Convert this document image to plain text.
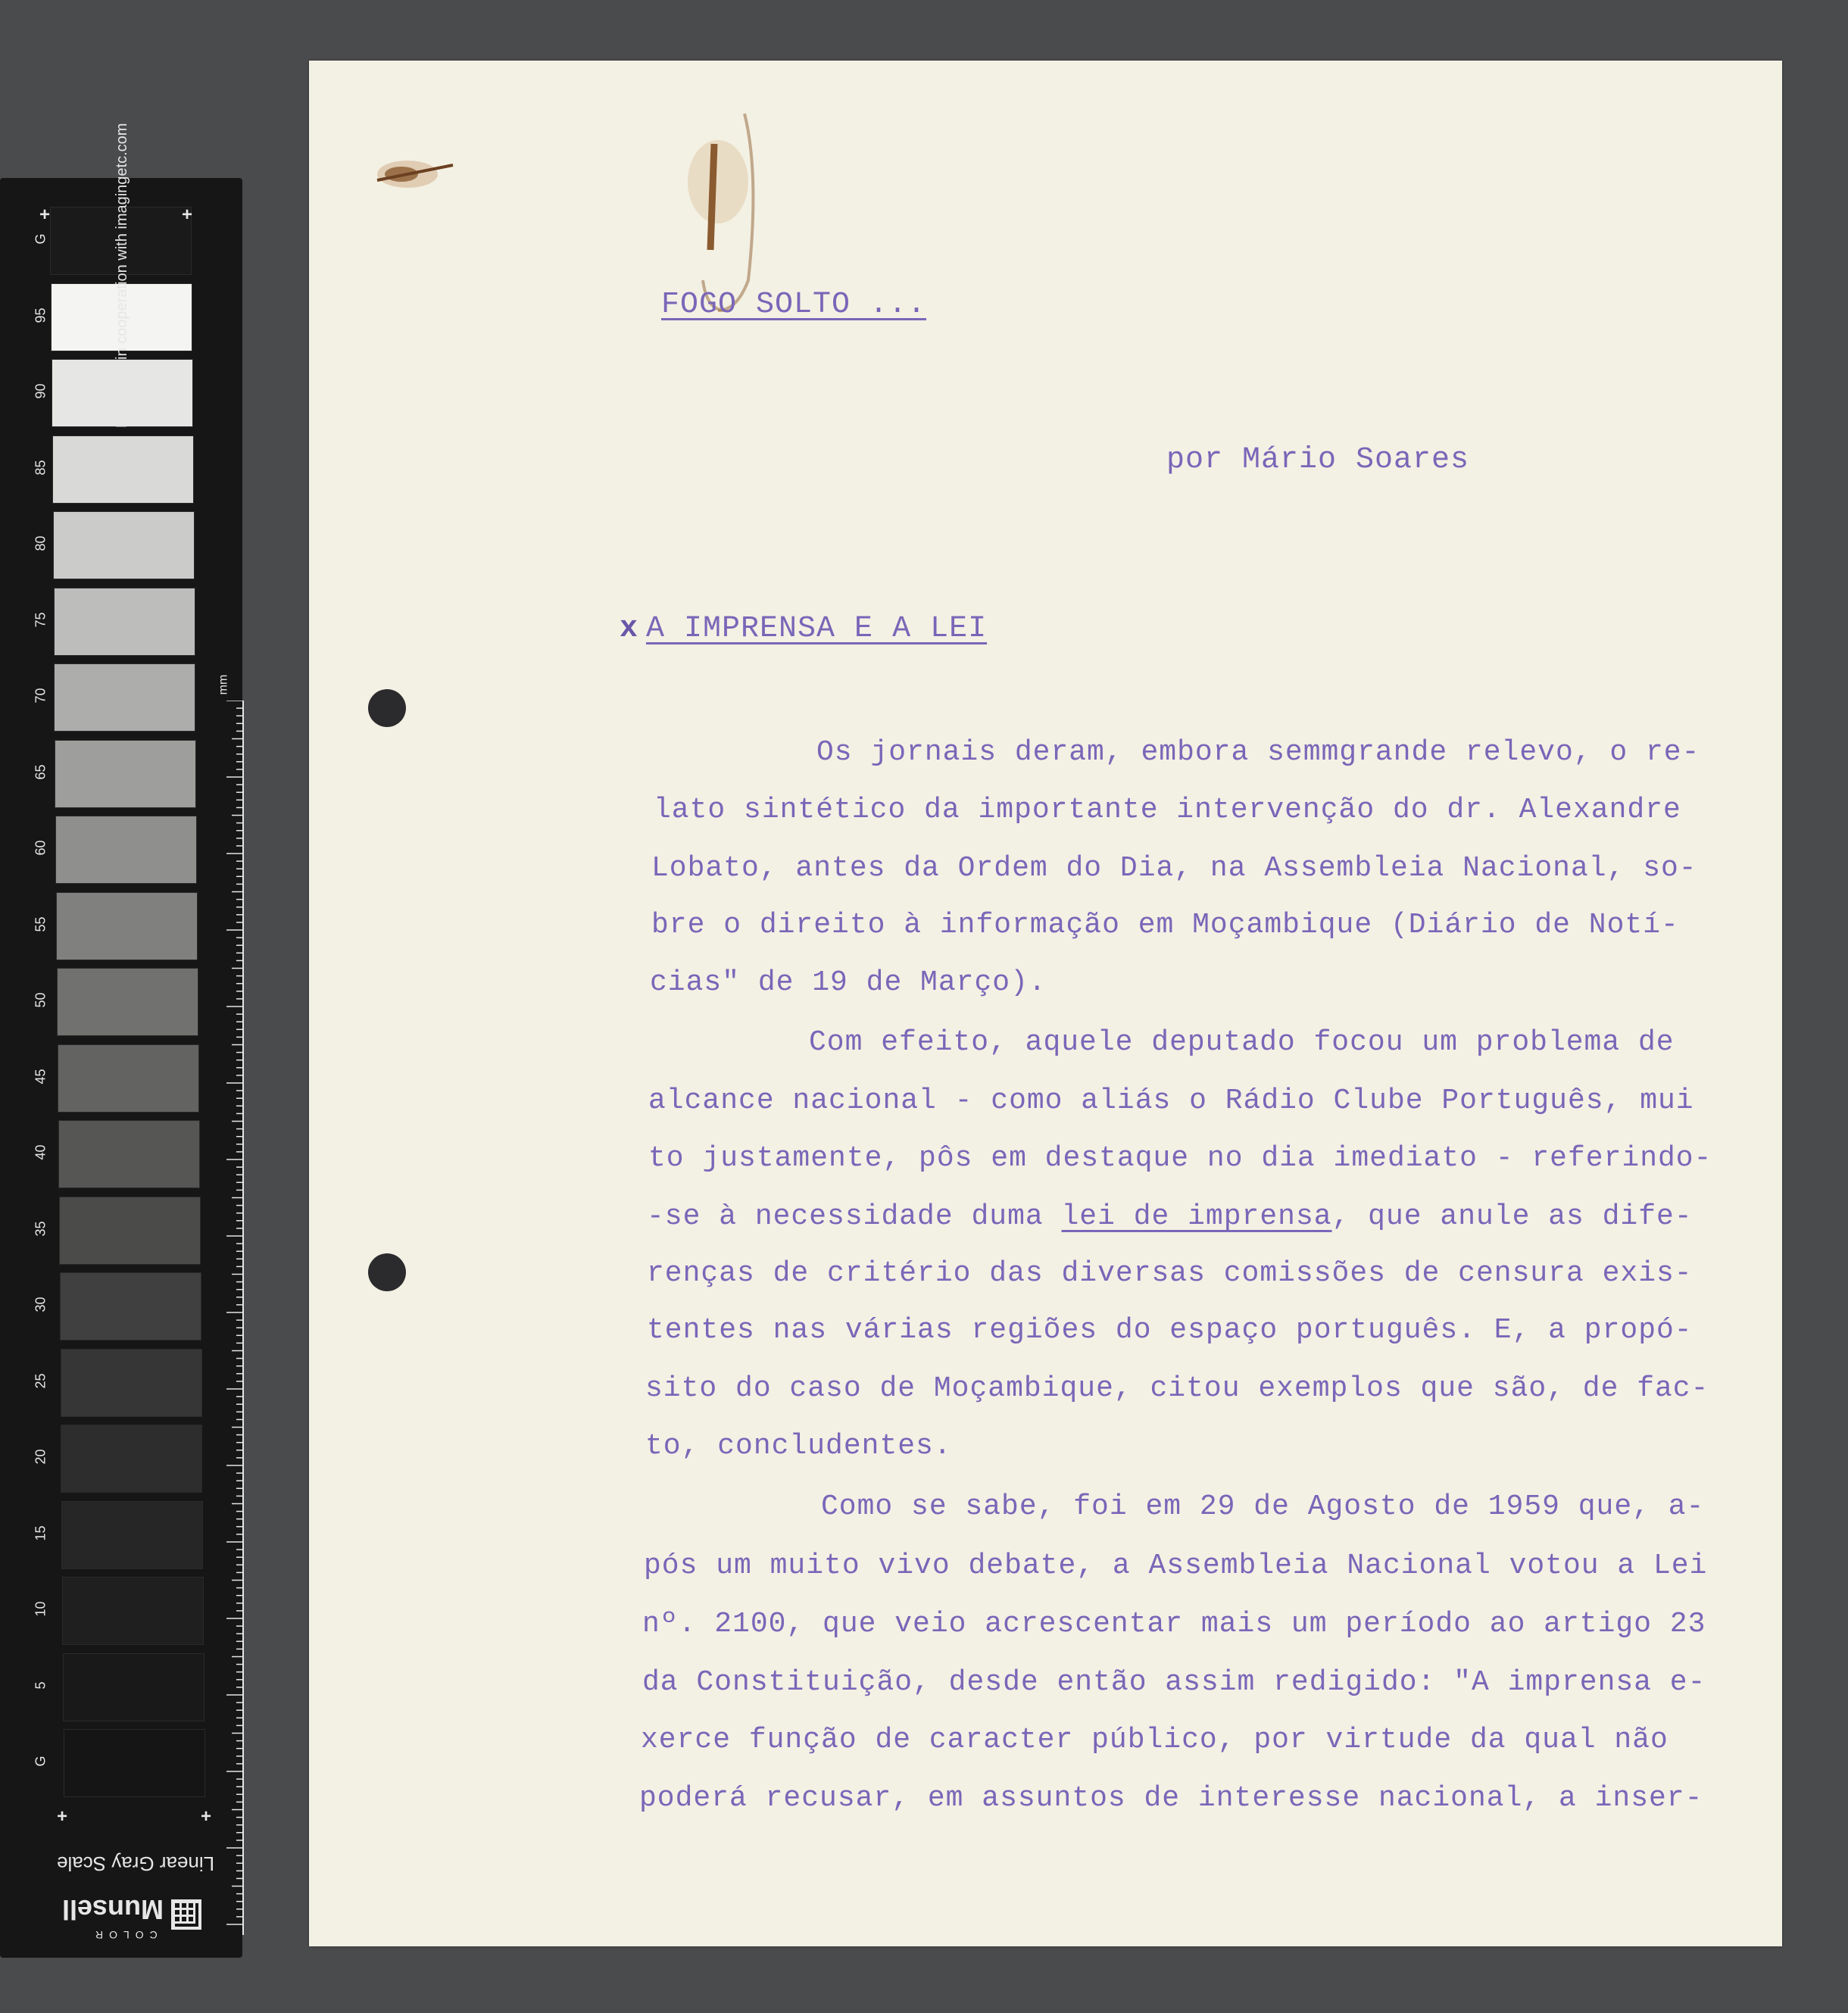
G
95
90
85
80
75
70
65
60
55
50
45
40
35
30
25
20
15
10
5
G
+	+
+	+
Designed in cooperation with imagingetc.com
mm
Linear Gray Scale
Munsell
COLOR
FOGO SOLTO ...
por Mário Soares
x A IMPRENSA E A LEI
Os jornais deram, embora semmgrande relevo, o re-
lato sintético da importante intervenção do dr. Alexandre
Lobato, antes da Ordem do Dia, na Assembleia Nacional, so-
bre o direito à informação em Moçambique (Diário de Notí-
cias" de 19 de Março).
Com efeito, aquele deputado focou um problema de
alcance nacional - como aliás o Rádio Clube Português, mui
to justamente, pôs em destaque no dia imediato - referindo-
-se à necessidade duma lei de imprensa, que anule as dife-
renças de critério das diversas comissões de censura exis-
tentes nas várias regiões do espaço português. E, a propó-
sito do caso de Moçambique, citou exemplos que são, de fac-
to, concludentes.
Como se sabe, foi em 29 de Agosto de 1959 que, a-
pós um muito vivo debate, a Assembleia Nacional votou a Lei
nº. 2100, que veio acrescentar mais um período ao artigo 23
da Constituição, desde então assim redigido: "A imprensa e-
xerce função de caracter público, por virtude da qual não
poderá recusar, em assuntos de interesse nacional, a inser-
